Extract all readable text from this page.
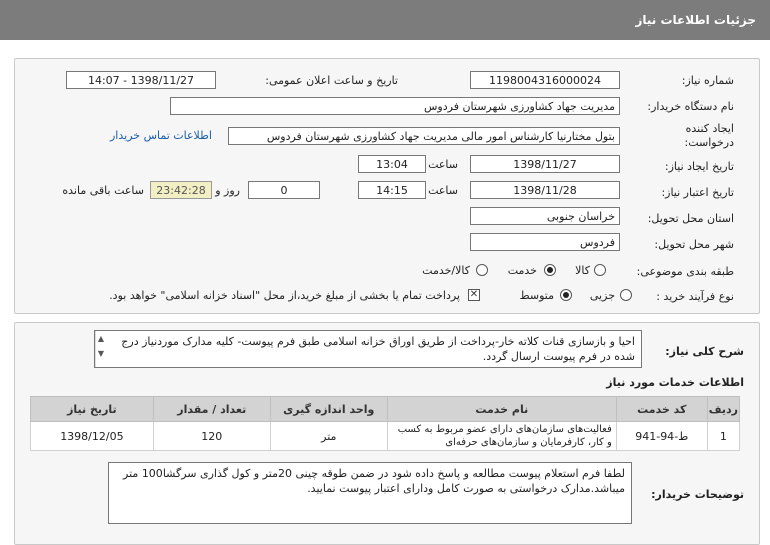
جزئیات اطلاعات نیاز
شماره نیاز:
1198004316000024
تاریخ و ساعت اعلان عمومی:
1398/11/27 - 14:07
نام دستگاه خریدار:
مدیریت جهاد کشاورزی شهرستان فردوس
ایجاد کننده
درخواست:
بتول مختارنیا کارشناس امور مالی مدیریت جهاد کشاورزی شهرستان فردوس
اطلاعات تماس خریدار
تاریخ ایجاد نیاز:
1398/11/27
ساعت
13:04
تاریخ اعتبار نیاز:
1398/11/28
ساعت
14:15
0
روز و
23:42:28
ساعت باقی مانده
استان محل تحویل:
خراسان جنوبی
شهر محل تحویل:
فردوس
طبقه بندی موضوعی:
کالا
خدمت
کالا/خدمت
نوع فرآیند خرید :
جزیی
متوسط
✕
پرداخت تمام یا بخشی از مبلغ خرید،از محل "اسناد خزانه اسلامی" خواهد بود.
شرح کلی نیاز:
▲
▼
احیا و بازسازی قنات کلاته خار-پرداخت از طریق اوراق خزانه اسلامی طبق فرم پیوست- کلیه مدارک موردنیاز درج شده در فرم پیوست ارسال گردد.
اطلاعات خدمات مورد نیاز
ردیف	کد خدمت	نام خدمت	واحد اندازه گیری	تعداد / مقدار	تاریخ نیاز
1	ط-94-941	فعالیت‌های سازمان‌های دارای عضو مربوط به کسب و کار، کارفرمایان و سازمان‌های حرفه‌ای	متر	120	1398/12/05
توضیحات خریدار:
لطفا فرم استعلام پیوست مطالعه و پاسخ داده شود در ضمن طوقه چینی 20متر و کول گذاری سرگشا100 متر میباشد.مدارک درخواستی به صورت کامل ودارای اعتبار پیوست نمایید.
